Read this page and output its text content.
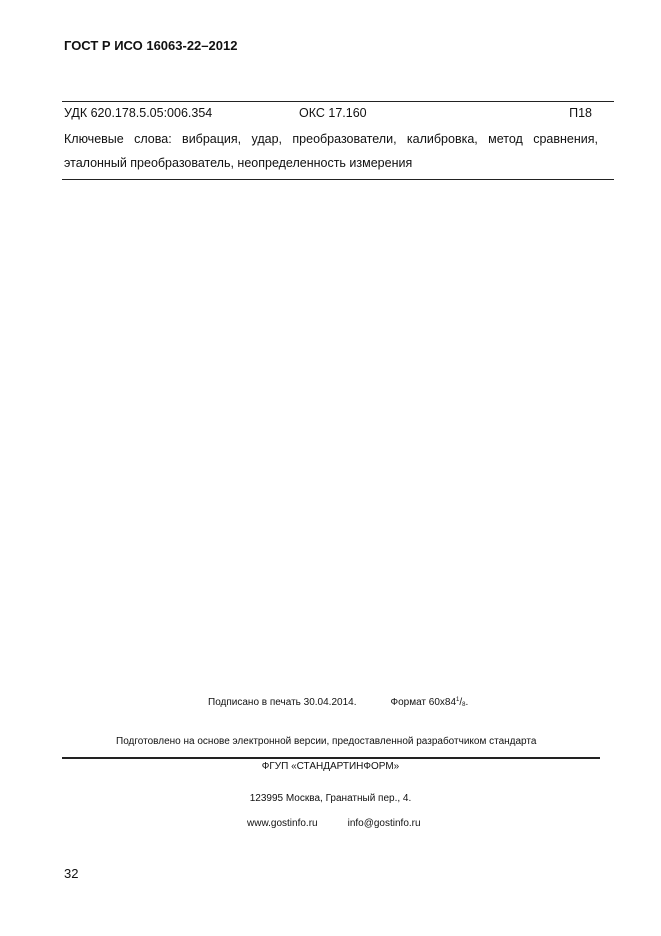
ГОСТ Р ИСО 16063-22–2012
УДК 620.178.5.05:006.354	ОКС 17.160	П18
Ключевые слова: вибрация, удар, преобразователи, калибровка, метод сравнения, эталонный преобразователь, неопределенность измерения
Подписано в печать 30.04.2014.	Формат $60x84^1/_8$.
Подготовлено на основе электронной версии, предоставленной разработчиком стандарта
ФГУП «СТАНДАРТИНФОРМ»
123995 Москва, Гранатный пер., 4.
www.gostinfo.ru	info@gostinfo.ru
32
